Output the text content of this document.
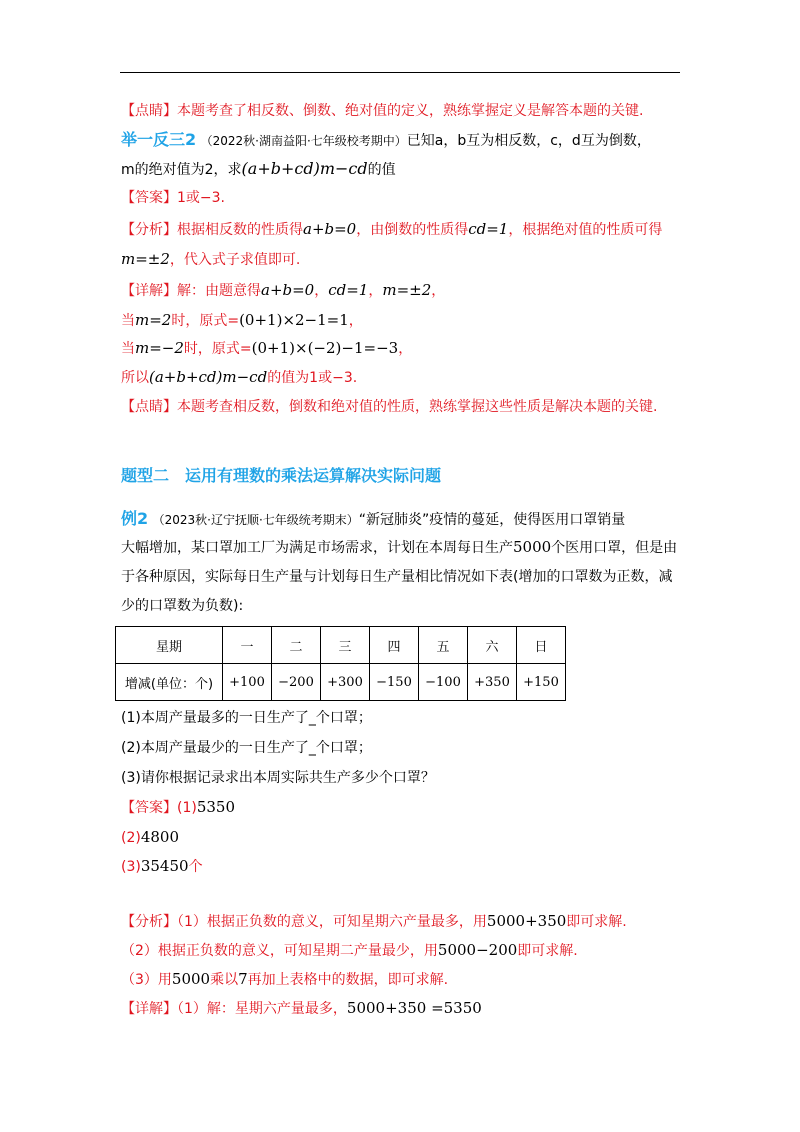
【点睛】本题考查了相反数、倒数、绝对值的定义，熟练掌握定义是解答本题的关键.
举一反三2 （2022秋·湖南益阳·七年级校考期中）已知a，b互为相反数，c，d互为倒数，
m的绝对值为2，求(a+b+cd)m−cd的值
【答案】1或−3.
【分析】根据相反数的性质得a+b=0，由倒数的性质得cd=1，根据绝对值的性质可得
m=±2，代入式子求值即可.
【详解】解：由题意得a+b=0，cd=1，m=±2，
当m=2时，原式=(0+1)×2−1=1，
当m=−2时，原式=(0+1)×(−2)−1=−3，
所以(a+b+cd)m−cd的值为1或−3.
【点睛】本题考查相反数，倒数和绝对值的性质，熟练掌握这些性质是解决本题的关键.
题型二　运用有理数的乘法运算解决实际问题
例2 （2023秋·辽宁抚顺·七年级统考期末）“新冠肺炎”疫情的蔓延，使得医用口罩销量
大幅增加，某口罩加工厂为满足市场需求，计划在本周每日生产5000个医用口罩，但是由
于各种原因，实际每日生产量与计划每日生产量相比情况如下表(增加的口罩数为正数，减
少的口罩数为负数):
星期	一	二	三	四	五	六	日
增减(单位：个)	+100	−200	+300	−150	−100	+350	+150
(1)本周产量最多的一日生产了_个口罩；
(2)本周产量最少的一日生产了_个口罩；
(3)请你根据记录求出本周实际共生产多少个口罩？
【答案】(1)5350
(2)4800
(3)35450个
【分析】（1）根据正负数的意义，可知星期六产量最多，用5000+350即可求解.
（2）根据正负数的意义，可知星期二产量最少，用5000−200即可求解.
（3）用5000乘以7再加上表格中的数据，即可求解.
【详解】（1）解：星期六产量最多，5000+350 =5350
